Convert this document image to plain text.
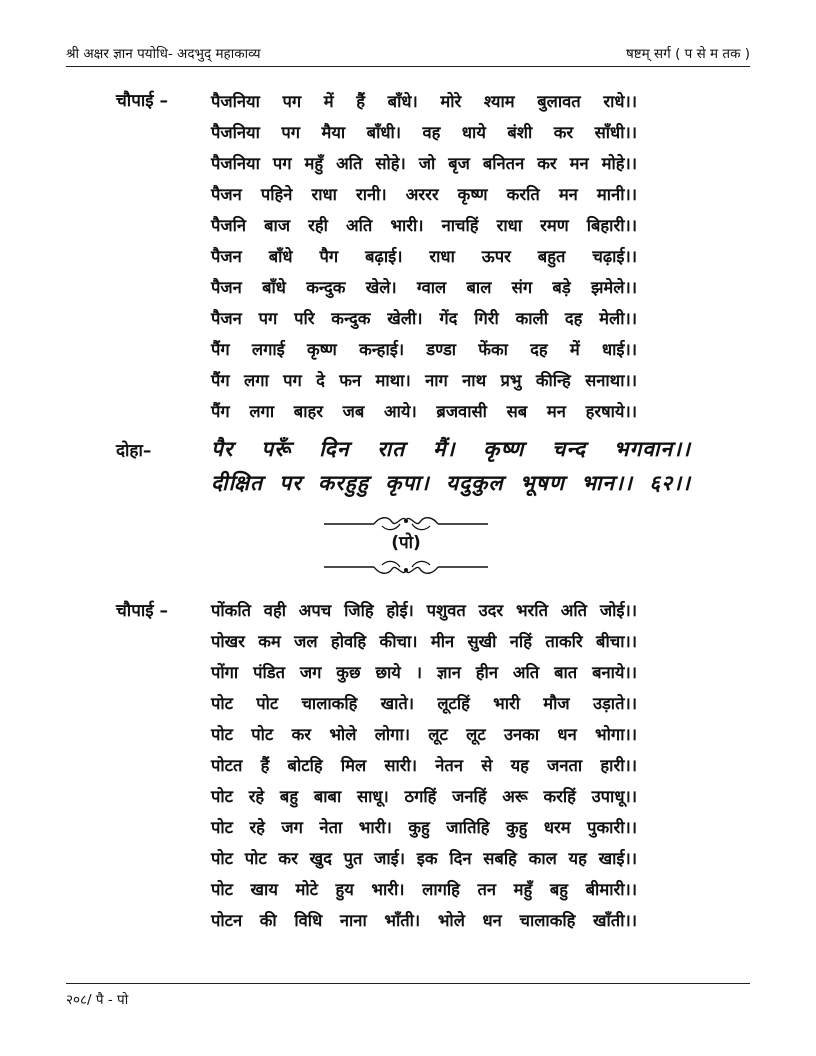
श्री अक्षर ज्ञान पयोधि- अदभुद् महाकाव्य	षष्टम् सर्ग ( प से म तक )
चौपाई –	पैजनिया पग में हैं बाँधे। मोरे श्याम बुलावत राधे।।
पैजनिया पग मैया बाँधी। वह धाये बंशी कर साँधी।।
पैजनिया पग महुँ अति सोहे। जो बृज बनितन कर मन मोहे।।
पैजन पहिने राधा रानी। अररर कृष्ण करति मन मानी।।
पैजनि बाज रही अति भारी। नाचहिं राधा रमण बिहारी।।
पैजन बाँधे पैग बढ़ाई। राधा ऊपर बहुत चढ़ाई।।
पैजन बाँधे कन्दुक खेले। ग्वाल बाल संग बड़े झमेले।।
पैजन पग परि कन्दुक खेली। गेंद गिरी काली दह मेली।।
पैंग लगाई कृष्ण कन्हाई। डण्डा फेंका दह में धाई।।
पैंग लगा पग दे फन माथा। नाग नाथ प्रभु कीन्हि सनाथा।।
पैंग लगा बाहर जब आये। ब्रजवासी सब मन हरषाये।।
दोहा–	पैर परूँ दिन रात मैं। कृष्ण चन्द भगवान।।
दीक्षित पर करहुहु कृपा। यदुकुल भूषण भान।। ६२।।
(पो)
चौपाई –	पोंकति वही अपच जिहि होई। पशुवत उदर भरति अति जोई।।
पोखर कम जल होवहि कीचा। मीन सुखी नहिं ताकरि बीचा।।
पोंगा पंडित जग कुछ छाये । ज्ञान हीन अति बात बनाये।।
पोट पोट चालाकहि खाते। लूटहिं भारी मौज उड़ाते।।
पोट पोट कर भोले लोगा। लूट लूट उनका धन भोगा।।
पोटत हैं बोटहि मिल सारी। नेतन से यह जनता हारी।।
पोट रहे बहु बाबा साधू। ठगहिं जनहिं अरू करहिं उपाधू।।
पोट रहे जग नेता भारी। कुहु जातिहि कुहु धरम पुकारी।।
पोट पोट कर खुद पुत जाई। इक दिन सबहि काल यह खाई।।
पोट खाय मोटे हुय भारी। लागहि तन महुँ बहु बीमारी।।
पोटन की विधि नाना भाँती। भोले धन चालाकहि खाँती।।
२०८/ पै - पो
